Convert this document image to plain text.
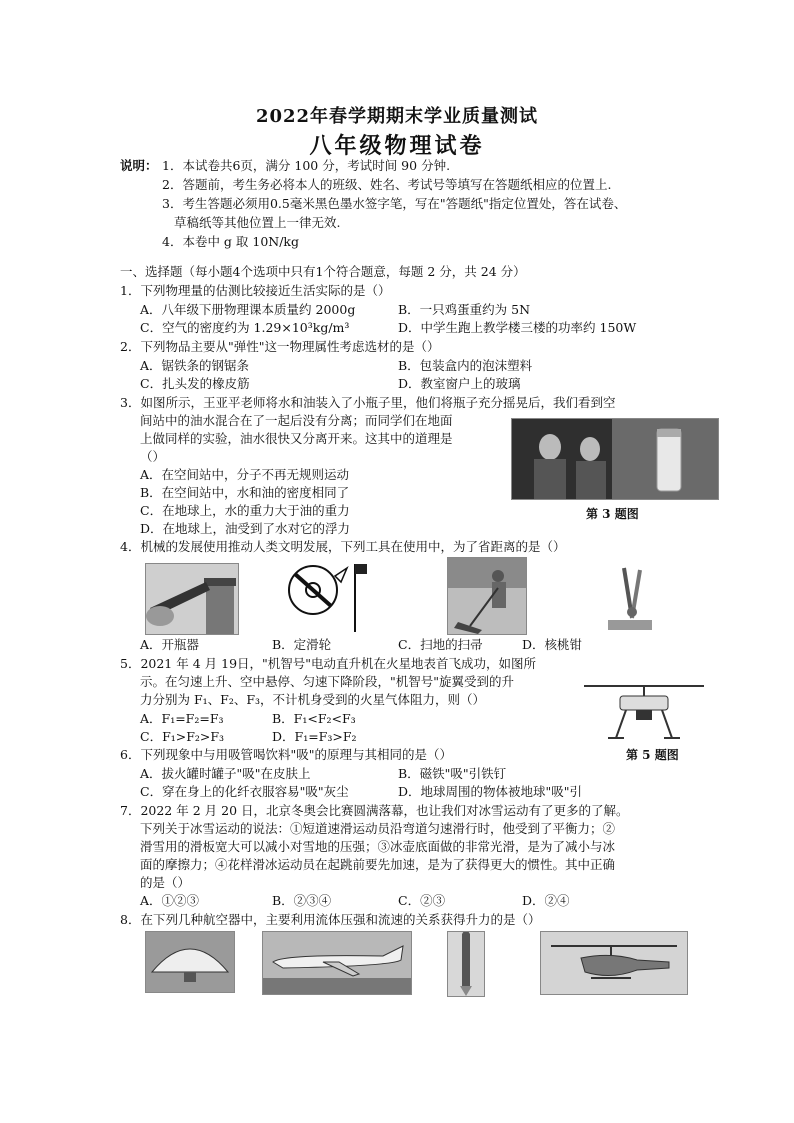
2022年春学期期末学业质量测试
八年级物理试卷
说明： 1．本试卷共6页，满分 100 分，考试时间 90 分钟.
2．答题前，考生务必将本人的班级、姓名、考试号等填写在答题纸相应的位置上.
3．考生答题必须用0.5毫米黑色墨水签字笔，写在"答题纸"指定位置处，答在试卷、
草稿纸等其他位置上一律无效.
4．本卷中 g 取 10N/kg
一、选择题（每小题4个选项中只有1个符合题意，每题 2 分，共 24 分）
1．下列物理量的估测比较接近生活实际的是（）
A．八年级下册物理课本质量约 2000g	B．一只鸡蛋重约为 5N
C．空气的密度约为 1.29×10³kg/m³	D．中学生跑上教学楼三楼的功率约 150W
2．下列物品主要从"弹性"这一物理属性考虑选材的是（）
A．锯铁条的钢锯条	B．包装盒内的泡沫塑料
C．扎头发的橡皮筋	D．教室窗户上的玻璃
3．如图所示，王亚平老师将水和油装入了小瓶子里，他们将瓶子充分摇晃后，我们看到空
间站中的油水混合在了一起后没有分离；而同学们在地面
上做同样的实验，油水很快又分离开来。这其中的道理是
（）
A．在空间站中，分子不再无规则运动
B．在空间站中，水和油的密度相同了
C．在地球上，水的重力大于油的重力
D．在地球上，油受到了水对它的浮力
第 3 题图
4．机械的发展使用推动人类文明发展，下列工具在使用中，为了省距离的是（）
A．开瓶器	B．定滑轮	C．扫地的扫帚	D．核桃钳
5．2021 年 4 月 19日，"机智号"电动直升机在火星地表首飞成功，如图所
示。在匀速上升、空中悬停、匀速下降阶段，"机智号"旋翼受到的升
力分别为 F₁、F₂、F₃，不计机身受到的火星气体阻力，则（）
A．F₁=F₂=F₃	B．F₁<F₂<F₃
C．F₁>F₂>F₃	D．F₁=F₃>F₂
第 5 题图
6．下列现象中与用吸管喝饮料"吸"的原理与其相同的是（）
A．拔火罐时罐子"吸"在皮肤上	B．磁铁"吸"引铁钉
C．穿在身上的化纤衣服容易"吸"灰尘	D．地球周围的物体被地球"吸"引
7．2022 年 2 月 20 日，北京冬奥会比赛圆满落幕，也让我们对冰雪运动有了更多的了解。
下列关于冰雪运动的说法：①短道速滑运动员沿弯道匀速滑行时，他受到了平衡力；②
滑雪用的滑板宽大可以减小对雪地的压强；③冰壶底面做的非常光滑，是为了减小与冰
面的摩擦力；④花样滑冰运动员在起跳前要先加速，是为了获得更大的惯性。其中正确
的是（）
A．①②③	B．②③④	C．②③	D．②④
8．在下列几种航空器中，主要利用流体压强和流速的关系获得升力的是（）
